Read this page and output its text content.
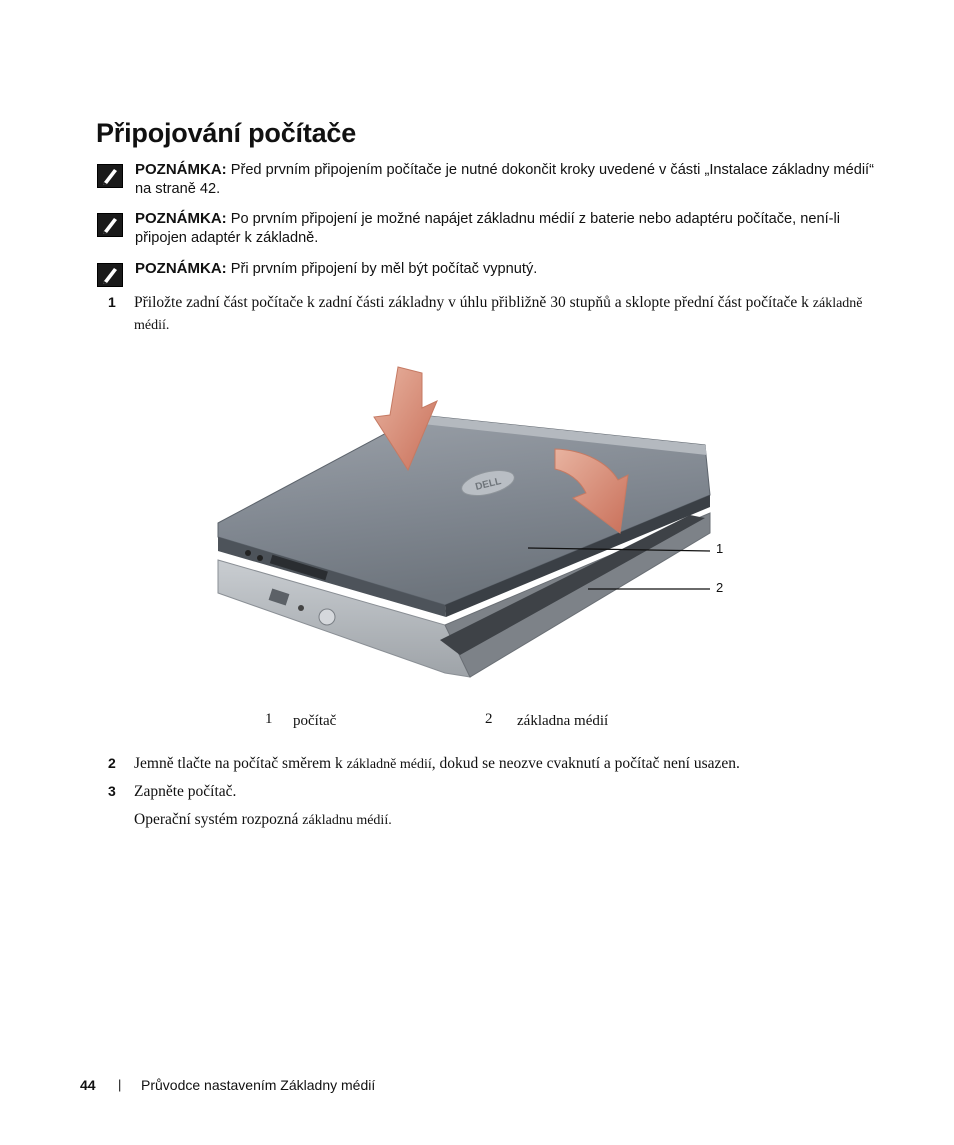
Připojování počítače
POZNÁMKA: Před prvním připojením počítače je nutné dokončit kroky uvedené v části „Instalace základny médií“ na straně 42.
POZNÁMKA: Po prvním připojení je možné napájet základnu médií z baterie nebo adaptéru počítače, není-li připojen adaptér k základně.
POZNÁMKA: Při prvním připojení by měl být počítač vypnutý.
1 Přiložte zadní část počítače k zadní části základny v úhlu přibližně 30 stupňů a sklopte přední část počítače k základně médií.
DELL
1
2
1 počítač	2 základna médií
2 Jemně tlačte na počítač směrem k základně médií, dokud se neozve cvaknutí a počítač není usazen.
3 Zapněte počítač.
Operační systém rozpozná základnu médií.
44 | Průvodce nastavením Základny médií
